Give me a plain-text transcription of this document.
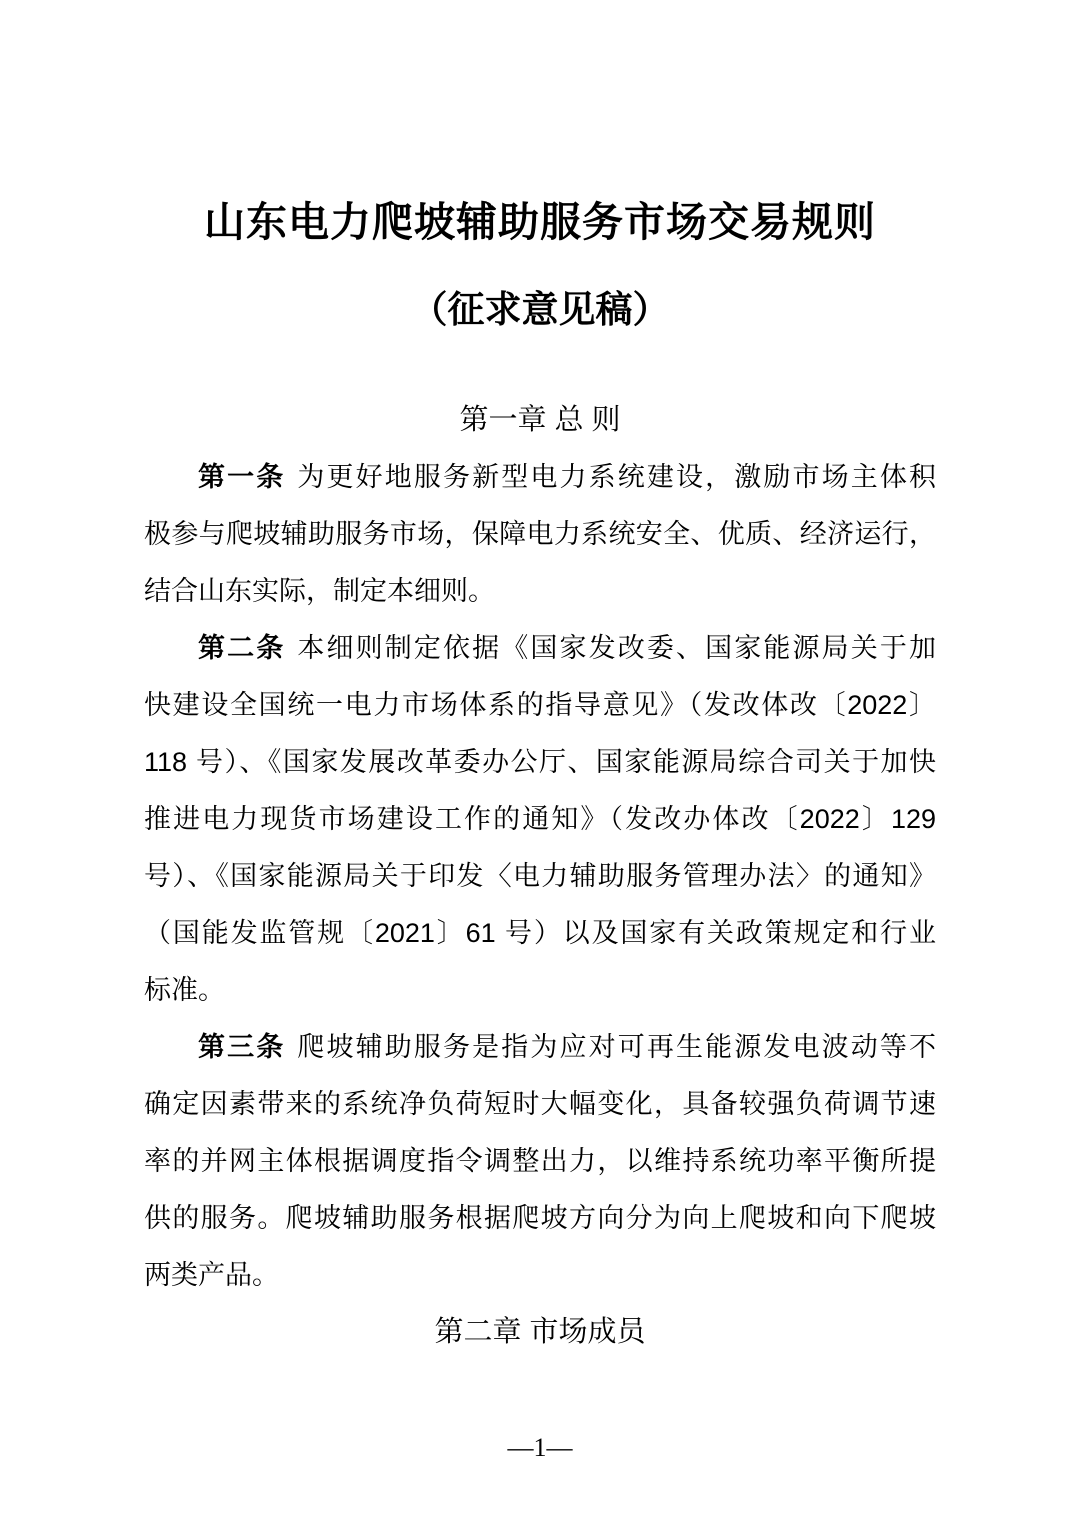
山东电力爬坡辅助服务市场交易规则
（征求意见稿）
第一章 总 则

第一条 为更好地服务新型电力系统建设，激励市场主体积

极参与爬坡辅助服务市场，保障电力系统安全、优质、经济运行，

结合山东实际，制定本细则。

第二条 本细则制定依据《国家发改委、国家能源局关于加

快建设全国统一电力市场体系的指导意见》（发改体改〔2022〕

118 号）、《国家发展改革委办公厅、国家能源局综合司关于加快

推进电力现货市场建设工作的通知》（发改办体改〔2022〕129

号）、《国家能源局关于印发〈电力辅助服务管理办法〉的通知》

（国能发监管规〔2021〕61 号）以及国家有关政策规定和行业

标准。

第三条 爬坡辅助服务是指为应对可再生能源发电波动等不

确定因素带来的系统净负荷短时大幅变化，具备较强负荷调节速

率的并网主体根据调度指令调整出力，以维持系统功率平衡所提

供的服务。爬坡辅助服务根据爬坡方向分为向上爬坡和向下爬坡

两类产品。

第二章 市场成员
—1—
